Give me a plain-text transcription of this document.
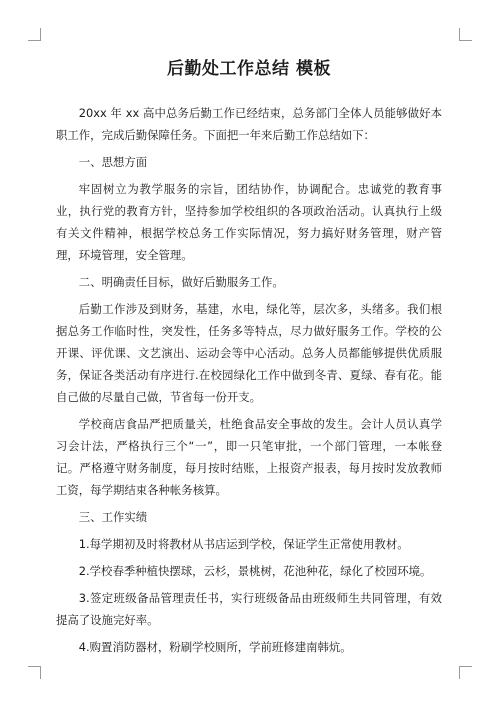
后勤处工作总结 模板

20xx 年 xx 高中总务后勤工作已经结束，总务部门全体人员能够做好本职工作，完成后勤保障任务。下面把一年来后勤工作总结如下：

一、思想方面

牢固树立为教学服务的宗旨，团结协作，协调配合。忠诚党的教育事业，执行党的教育方针，坚持参加学校组织的各项政治活动。认真执行上级有关文件精神，根据学校总务工作实际情况，努力搞好财务管理，财产管理，环境管理，安全管理。

二、明确责任目标，做好后勤服务工作。

后勤工作涉及到财务，基建，水电，绿化等，层次多，头绪多。我们根据总务工作临时性，突发性，任务多等特点，尽力做好服务工作。学校的公开课、评优课、文艺演出、运动会等中心活动。总务人员都能够提供优质服务，保证各类活动有序进行.在校园绿化工作中做到冬青、夏绿、春有花。能自己做的尽量自己做，节省每一份开支。

学校商店食品严把质量关，杜绝食品安全事故的发生。会计人员认真学习会计法，严格执行三个“一”，即一只笔审批，一个部门管理，一本帐登记。严格遵守财务制度，每月按时结账，上报资产报表，每月按时发放教师工资，每学期结束各种帐务核算。

三、工作实绩

1.每学期初及时将教材从书店运到学校，保证学生正常使用教材。

2.学校春季种植快摆球，云杉，景桃树，花池种花，绿化了校园环境。

3.签定班级备品管理责任书，实行班级备品由班级师生共同管理，有效提高了设施完好率。

4.购置消防器材，粉刷学校厕所，学前班修建南韩炕。
